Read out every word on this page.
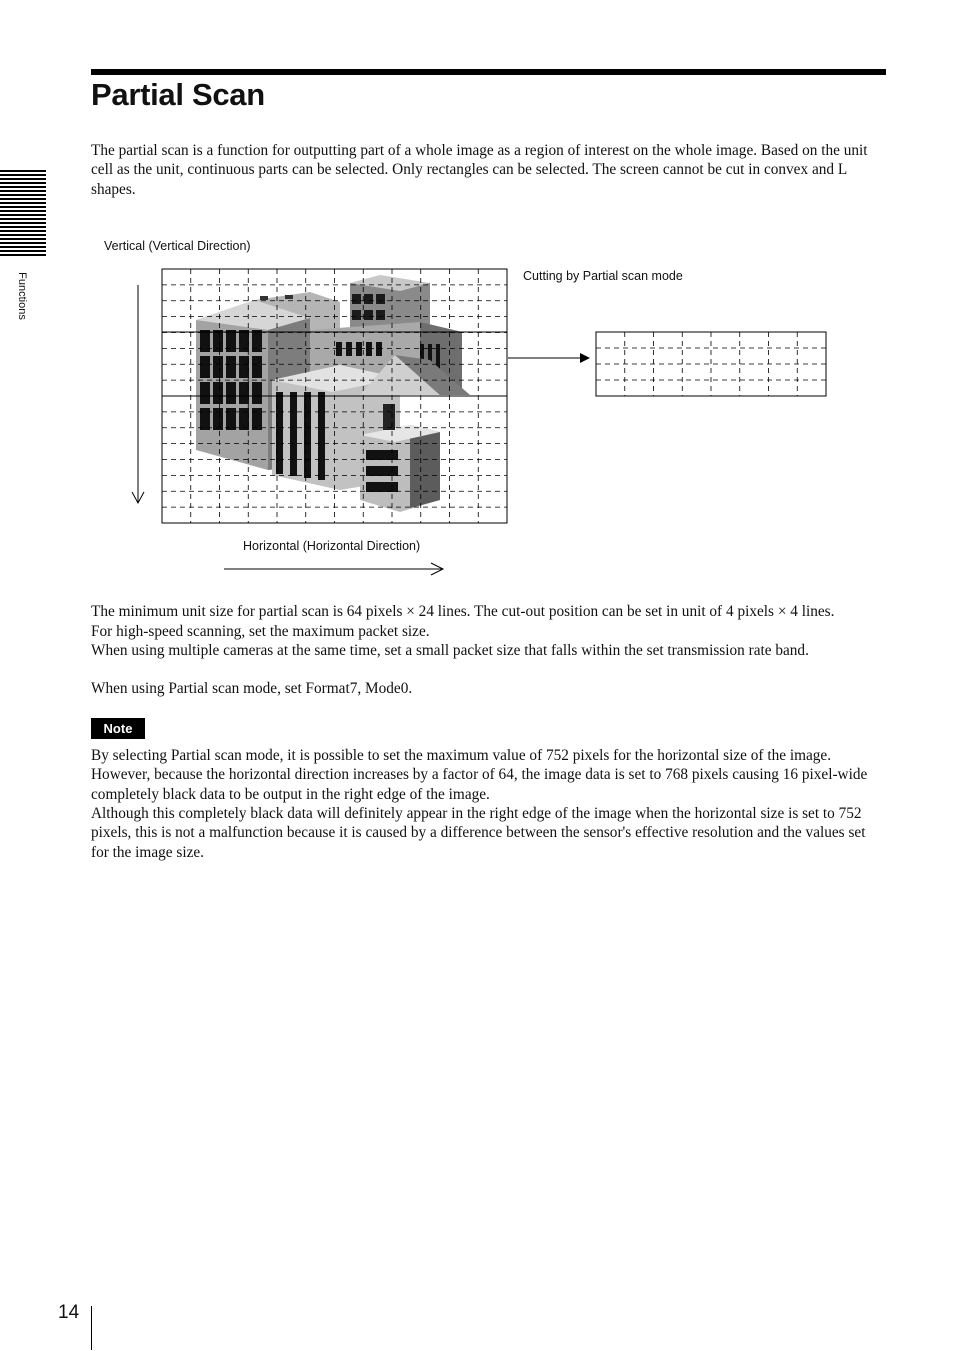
Partial Scan
Functions

The partial scan is a function for outputting part of a whole image as a region of interest on the whole image. Based on the unit cell as the unit, continuous parts can be selected. Only rectangles can be selected. The screen cannot be cut in convex and L shapes.

Vertical (Vertical Direction)
Cutting by Partial scan mode
Horizontal (Horizontal Direction)

The minimum unit size for partial scan is 64 pixels × 24 lines. The cut-out position can be set in unit of 4 pixels × 4 lines.

For high-speed scanning, set the maximum packet size.

When using multiple cameras at the same time, set a small packet size that falls within the set transmission rate band.

When using Partial scan mode, set Format7, Mode0.

Note

By selecting Partial scan mode, it is possible to set the maximum value of 752 pixels for the horizontal size of the image. However, because the horizontal direction increases by a factor of 64, the image data is set to 768 pixels causing 16 pixel-wide completely black data to be output in the right edge of the image.

Although this completely black data will definitely appear in the right edge of the image when the horizontal size is set to 752 pixels, this is not a malfunction because it is caused by a difference between the sensor's effective resolution and the values set for the image size.

14
